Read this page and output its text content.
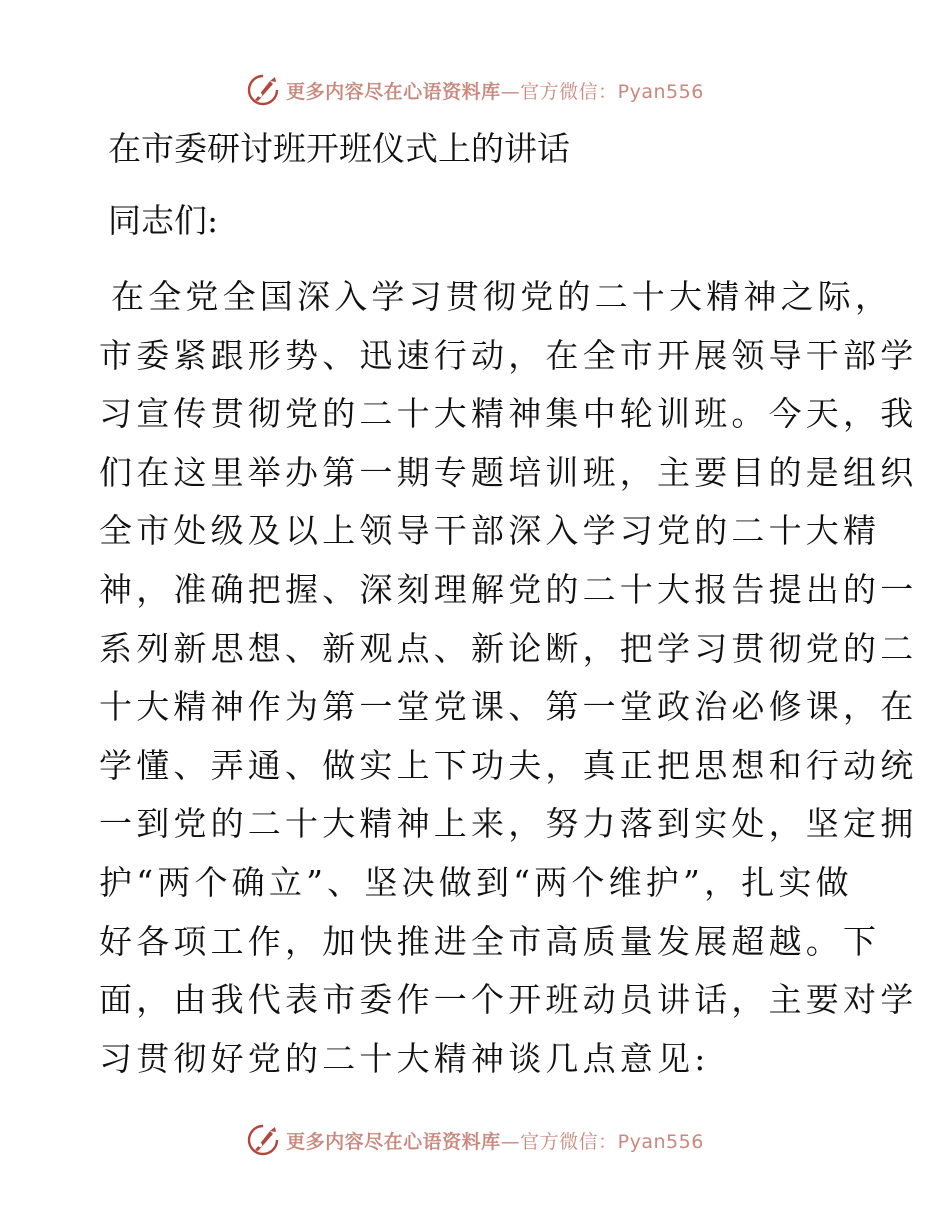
更多内容尽在心语资料库—官方微信：Pyan556
在市委研讨班开班仪式上的讲话

同志们:

在全党全国深入学习贯彻党的二十大精神之际，
市委紧跟形势、迅速行动，在全市开展领导干部学
习宣传贯彻党的二十大精神集中轮训班。今天，我
们在这里举办第一期专题培训班，主要目的是组织
全市处级及以上领导干部深入学习党的二十大精
神，准确把握、深刻理解党的二十大报告提出的一
系列新思想、新观点、新论断，把学习贯彻党的二
十大精神作为第一堂党课、第一堂政治必修课，在
学懂、弄通、做实上下功夫，真正把思想和行动统
一到党的二十大精神上来，努力落到实处，坚定拥
护“两个确立”、坚决做到“两个维护”，扎实做
好各项工作，加快推进全市高质量发展超越。下
面，由我代表市委作一个开班动员讲话，主要对学
习贯彻好党的二十大精神谈几点意见:
更多内容尽在心语资料库—官方微信：Pyan556
